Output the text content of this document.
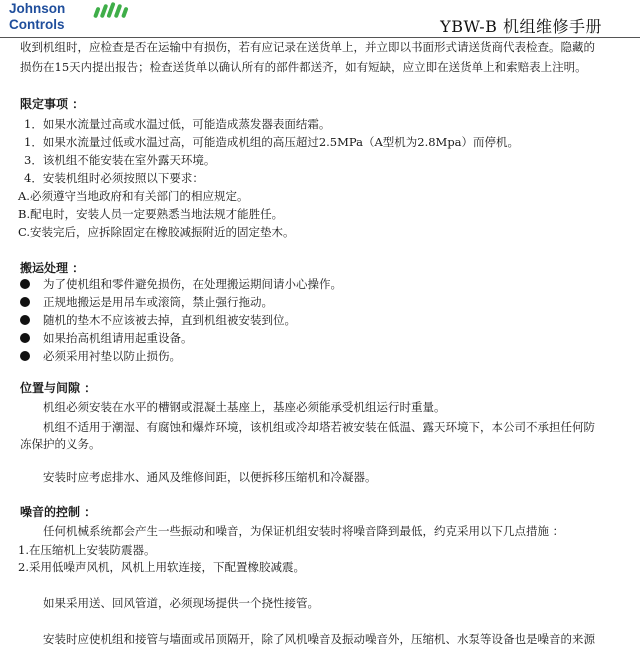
Johnson
Controls	YBW-B 机组维修手册
收到机组时，应检查是否在运输中有损伤，若有应记录在送货单上，并立即以书面形式请送货商代表检查。隐藏的
损伤在15天内提出报告；检查送货单以确认所有的部件都送齐，如有短缺，应立即在送货单上和索赔表上注明。
限定事项 ：
1．如果水流量过高或水温过低，可能造成蒸发器表面结霜。
1．如果水流量过低或水温过高，可能造成机组的高压超过2.5MPa（A型机为2.8Mpa）而停机。
3．该机组不能安装在室外露天环境。
4．安装机组时必须按照以下要求：
A.必须遵守当地政府和有关部门的相应规定。
B.配电时，安装人员一定要熟悉当地法规才能胜任。
C.安装完后，应拆除固定在橡胶减振附近的固定垫木。
搬运处理 ：
为了使机组和零件避免损伤，在处理搬运期间请小心操作。
正规地搬运是用吊车或滚筒，禁止强行拖动。
随机的垫木不应该被去掉，直到机组被安装到位。
如果抬高机组请用起重设备。
必须采用衬垫以防止损伤。
位置与间隙 ：
机组必须安装在水平的槽钢或混凝土基座上，基座必须能承受机组运行时重量。
机组不适用于潮湿、有腐蚀和爆炸环境，该机组或冷却塔若被安装在低温、露天环境下，本公司不承担任何防
冻保护的义务。
安装时应考虑排水、通风及维修间距，以便拆移压缩机和冷凝器。
噪音的控制 ：
任何机械系统都会产生一些振动和噪音，为保证机组安装时将噪音降到最低，约克采用以下几点措施 ：
1.在压缩机上安装防震器。
2.采用低噪声风机，风机上用软连接，下配置橡胶减震。
如果采用送、回风管道，必须现场提供一个挠性接管。
安装时应使机组和接管与墙面或吊顶隔开，除了风机噪音及振动噪音外，压缩机、水泵等设备也是噪音的来源
